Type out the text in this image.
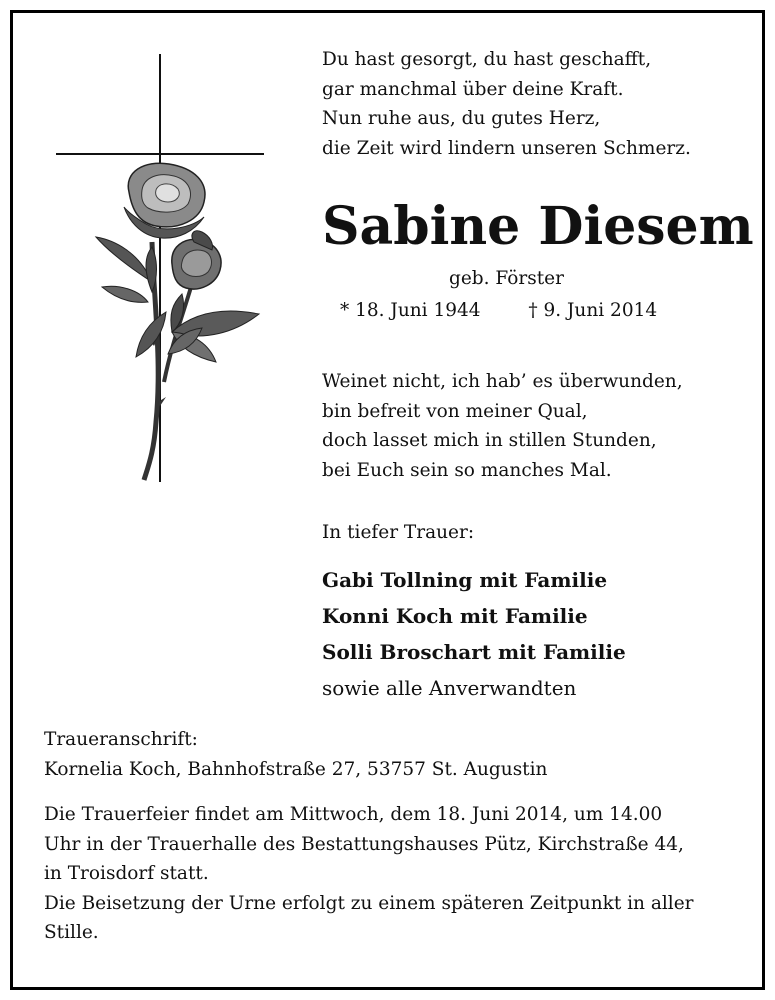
Du hast gesorgt, du hast geschafft,
gar manchmal über deine Kraft.
Nun ruhe aus, du gutes Herz,
die Zeit wird lindern unseren Schmerz.
Sabine Diesem
geb. Förster
* 18. Juni 1944	† 9. Juni 2014
Weinet nicht, ich hab’ es überwunden,
bin befreit von meiner Qual,
doch lasset mich in stillen Stunden,
bei Euch sein so manches Mal.
In tiefer Trauer:
Gabi Tollning mit Familie
Konni Koch mit Familie
Solli Broschart mit Familie
sowie alle Anverwandten
Traueranschrift:
Kornelia Koch, Bahnhofstraße 27, 53757 St. Augustin
Die Trauerfeier findet am Mittwoch, dem 18. Juni 2014, um 14.00
Uhr in der Trauerhalle des Bestattungshauses Pütz, Kirchstraße 44,
in Troisdorf statt.
Die Beisetzung der Urne erfolgt zu einem späteren Zeitpunkt in aller
Stille.
